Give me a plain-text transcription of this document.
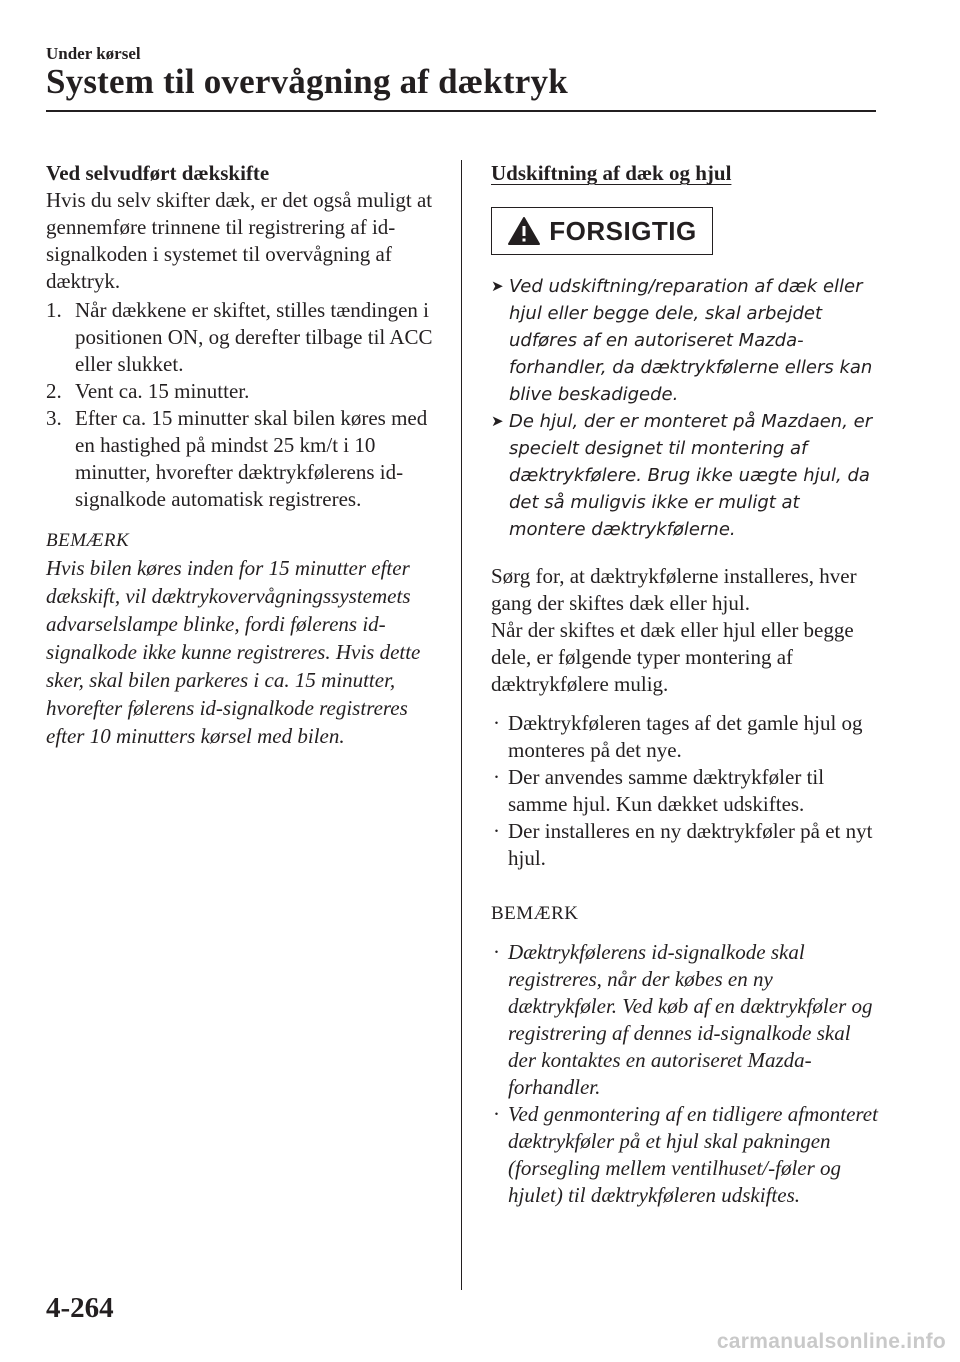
Under kørsel
System til overvågning af dæktryk

Ved selvudført dækskifte

Hvis du selv skifter dæk, er det også muligt at gennemføre trinnene til registrering af id-signalkoden i systemet til overvågning af dæktryk.

1. Når dækkene er skiftet, stilles tændingen i positionen ON, og derefter tilbage til ACC eller slukket.
2. Vent ca. 15 minutter.
3. Efter ca. 15 minutter skal bilen køres med en hastighed på mindst 25 km/t i 10 minutter, hvorefter dæktrykfølerens id-signalkode automatisk registreres.

BEMÆRK

Hvis bilen køres inden for 15 minutter efter dækskift, vil dæktrykovervågningssystemets advarselslampe blinke, fordi følerens id-signalkode ikke kunne registreres. Hvis dette sker, skal bilen parkeres i ca. 15 minutter, hvorefter følerens id-signalkode registreres efter 10 minutters kørsel med bilen.

Udskiftning af dæk og hjul

FORSIGTIG
➤ Ved udskiftning/reparation af dæk eller hjul eller begge dele, skal arbejdet udføres af en autoriseret Mazda-forhandler, da dæktrykfølerne ellers kan blive beskadigede.
➤ De hjul, der er monteret på Mazdaen, er specielt designet til montering af dæktrykfølere. Brug ikke uægte hjul, da det så muligvis ikke er muligt at montere dæktrykfølerne.

Sørg for, at dæktrykfølerne installeres, hver gang der skiftes dæk eller hjul.

Når der skiftes et dæk eller hjul eller begge dele, er følgende typer montering af dæktrykfølere mulig.

· Dæktrykføleren tages af det gamle hjul og monteres på det nye.
· Der anvendes samme dæktrykføler til samme hjul. Kun dækket udskiftes.
· Der installeres en ny dæktrykføler på et nyt hjul.

BEMÆRK

· Dæktrykfølerens id-signalkode skal registreres, når der købes en ny dæktrykføler. Ved køb af en dæktrykføler og registrering af dennes id-signalkode skal der kontaktes en autoriseret Mazda-forhandler.
· Ved genmontering af en tidligere afmonteret dæktrykføler på et hjul skal pakningen (forsegling mellem ventilhuset/-føler og hjulet) til dæktrykføleren udskiftes.
4-264
carmanualsonline.info
